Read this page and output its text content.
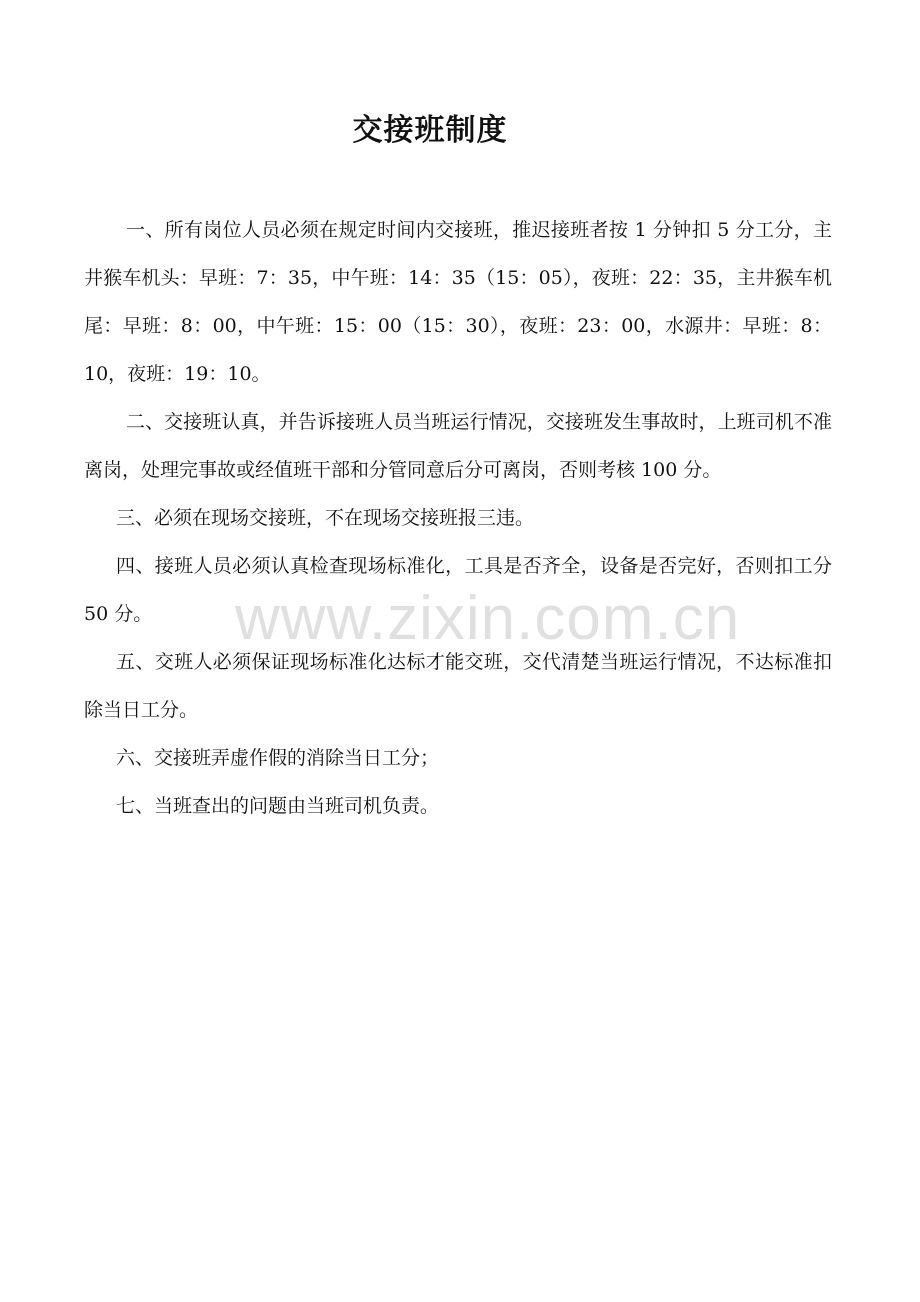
交接班制度

一、所有岗位人员必须在规定时间内交接班，推迟接班者按 1 分钟扣 5 分工分，主井猴车机头：早班：7：35，中午班：14：35（15：05），夜班：22：35，主井猴车机尾：早班：8：00，中午班：15：00（15：30），夜班：23：00，水源井：早班：8：10，夜班：19：10。

二、交接班认真，并告诉接班人员当班运行情况，交接班发生事故时，上班司机不准离岗，处理完事故或经值班干部和分管同意后分可离岗，否则考核 100 分。

三、必须在现场交接班，不在现场交接班报三违。

四、接班人员必须认真检查现场标准化，工具是否齐全，设备是否完好，否则扣工分 50 分。

五、交班人必须保证现场标准化达标才能交班，交代清楚当班运行情况，不达标准扣除当日工分。

六、交接班弄虚作假的消除当日工分；

七、当班查出的问题由当班司机负责。

www.zixin.com.cn
